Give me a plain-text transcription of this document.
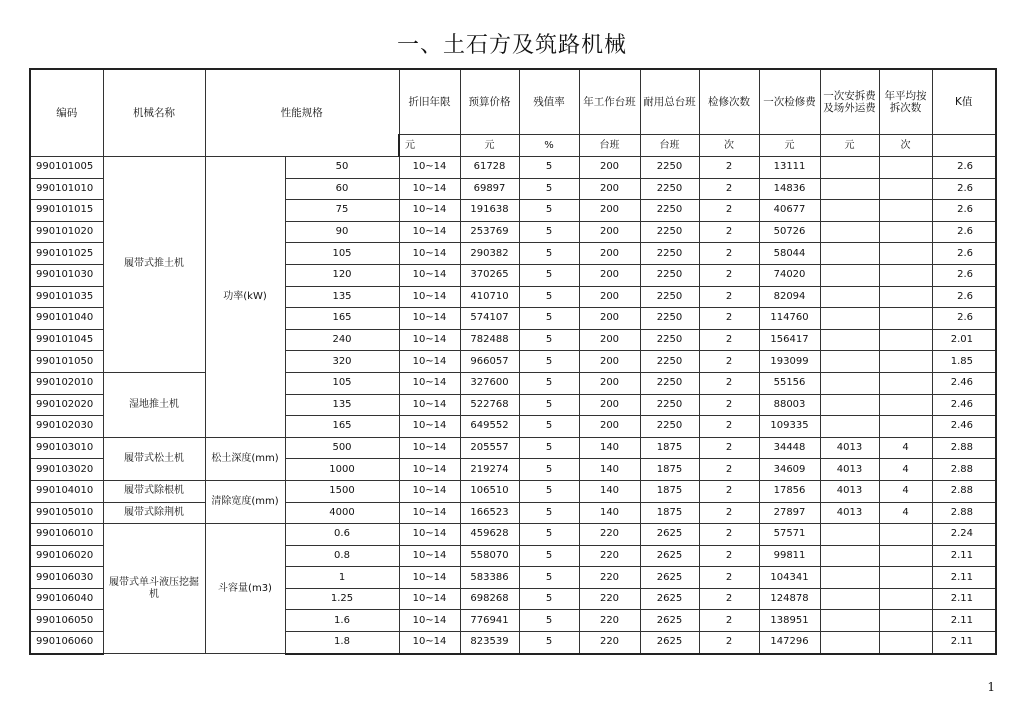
一、土石方及筑路机械
编码	机械名称	性能规格		折旧年限	预算价格	残值率	年工作台班	耐用总台班	检修次数	一次检修费	一次安拆费及场外运费	年平均按拆次数	K值
				元	元	%	台班	台班	次	元	元	次	
990101005	履带式推土机	功率(kW)	50	10~14	61728	5	200	2250	2	13111			2.6
990101010			60	10~14	69897	5	200	2250	2	14836			2.6
990101015			75	10~14	191638	5	200	2250	2	40677			2.6
990101020			90	10~14	253769	5	200	2250	2	50726			2.6
990101025			105	10~14	290382	5	200	2250	2	58044			2.6
990101030			120	10~14	370265	5	200	2250	2	74020			2.6
990101035			135	10~14	410710	5	200	2250	2	82094			2.6
990101040			165	10~14	574107	5	200	2250	2	114760			2.6
990101045			240	10~14	782488	5	200	2250	2	156417			2.01
990101050			320	10~14	966057	5	200	2250	2	193099			1.85
990102010	湿地推土机		105	10~14	327600	5	200	2250	2	55156			2.46
990102020			135	10~14	522768	5	200	2250	2	88003			2.46
990102030			165	10~14	649552	5	200	2250	2	109335			2.46
990103010	履带式松土机	松土深度(mm)	500	10~14	205557	5	140	1875	2	34448	4013	4	2.88
990103020			1000	10~14	219274	5	140	1875	2	34609	4013	4	2.88
990104010	履带式除根机	清除宽度(mm)	1500	10~14	106510	5	140	1875	2	17856	4013	4	2.88
990105010	履带式除荆机		4000	10~14	166523	5	140	1875	2	27897	4013	4	2.88
990106010	履带式单斗液压挖掘机	斗容量(m3)	0.6	10~14	459628	5	220	2625	2	57571			2.24
990106020			0.8	10~14	558070	5	220	2625	2	99811			2.11
990106030			1	10~14	583386	5	220	2625	2	104341			2.11
990106040			1.25	10~14	698268	5	220	2625	2	124878			2.11
990106050			1.6	10~14	776941	5	220	2625	2	138951			2.11
990106060			1.8	10~14	823539	5	220	2625	2	147296			2.11
1
